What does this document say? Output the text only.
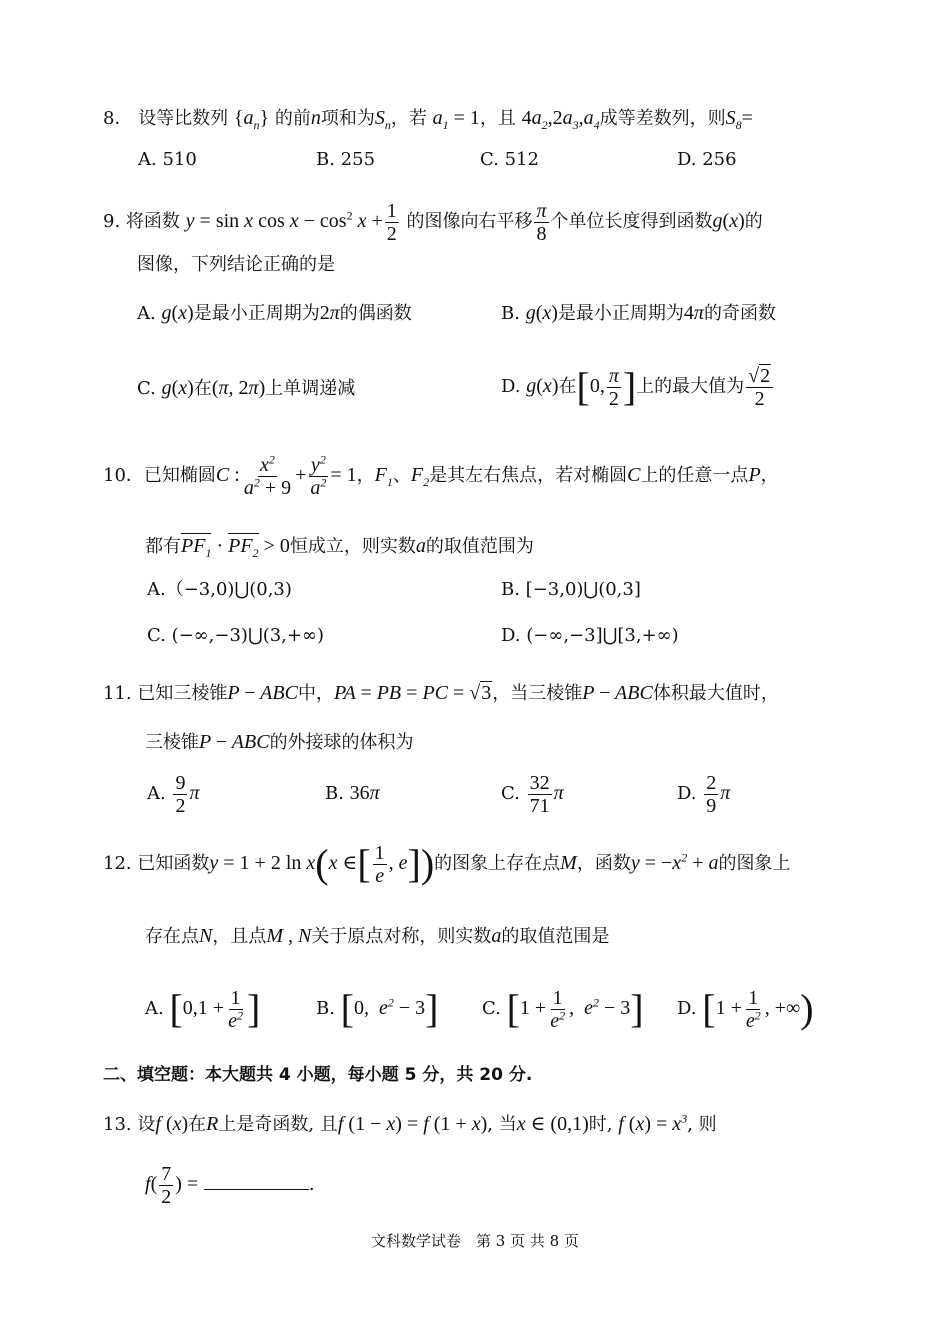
8． 设等比数列 $\{a_n\}$ 的前n项和为$S_n$，若 $a_1 = 1$，且 $4a_2,2a_3,a_4$成等差数列，则$S_8=$
A. 510	B. 255	C. 512	D. 256
9. 将函数 y = sin x $\cos x - \cos^2 x + \frac{1}{2}$ 的图像向右平移 $\frac{\pi}{8}$ 个单位长度得到函数g(x)的
图像，下列结论正确的是
A. g(x)是最小正周期为2π的偶函数	B. g(x)是最小正周期为4π的奇函数
C. g(x)在(π, 2π)上单调递减	D. g(x)在[0, $\frac{\pi}{2}$ ]上的最大值为 $\frac{√2}{2}$
10．已知椭圆C : $\frac{x^2}{a^2 + 9} + \frac{y^2}{a^2} = 1$，$F_1$、$F_2$是其左右焦点，若对椭圆C上的任意一点P，
都有$PF_1 \cdot PF_2 > 0$恒成立，则实数a的取值范围为
A.（−3,0)⋃(0,3)	B. [−3,0)⋃(0,3]
C. (−∞,−3)⋃(3,+∞)	D. (−∞,−3]⋃[3,+∞)
11. 已知三棱锥P − ABC中，PA = PB = PC = √3，当三棱锥P − ABC体积最大值时，
三棱锥P − ABC的外接球的体积为
A. $\frac{9}{2}$ π	B. 36π	C. $\frac{32}{71}$ π	D. $\frac{2}{9}$ π
12. 已知函数y = 1 + 2 ln x(x ∈[ $\frac{1}{e}$ , e])的图象上存在点M，函数$y = -x^2 + a$的图象上
存在点N，且点M , N关于原点对称，则实数a的取值范围是
A. [$0,1 + \frac{1}{e^2}$ ]	B. [0,  $e^2 - 3$] C. [$1 + \frac{1}{e^2}$ ,  $e^2 - 3$] D. [$1 + \frac{1}{e^2}$ , +∞)
二、填空题：本大题共 4 小题，每小题 5 分，共 20 分.
13. 设f (x)在R上是奇函数, 且f (1 − x) = f (1 + x), 当x ∈ (0,1)时, f $(x) = x^3$, 则
$f( \frac{7}{2}$ ) =	.
文科数学试卷　第 3 页 共 8 页
